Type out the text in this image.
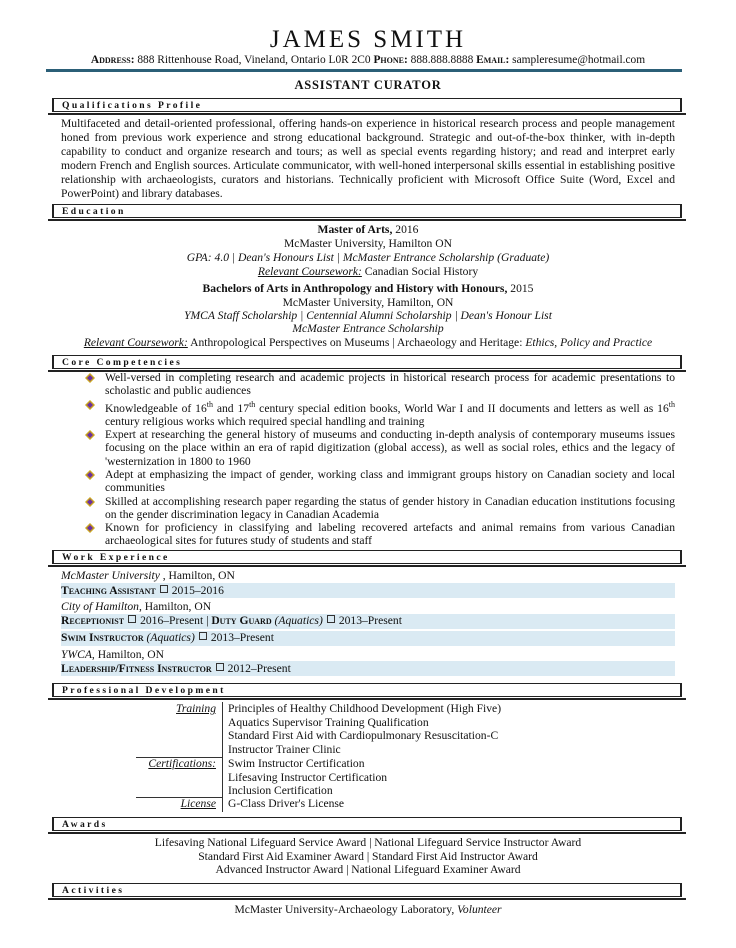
JAMES SMITH
Address: 888 Rittenhouse Road, Vineland, Ontario L0R 2C0 Phone: 888.888.8888 Email: sampleresume@hotmail.com
ASSISTANT CURATOR
Qualifications Profile
Multifaceted and detail-oriented professional, offering hands-on experience in historical research process and people management honed from previous work experience and strong educational background. Strategic and out-of-the-box thinker, with in-depth capability to conduct and organize research and tours; as well as special events regarding history; and read and interpret early modern French and English sources. Articulate communicator, with well-honed interpersonal skills essential in establishing positive relationship with archaeologists, curators and historians. Technically proficient with Microsoft Office Suite (Word, Excel and PowerPoint) and library databases.
Education
Master of Arts, 2016
McMaster University, Hamilton ON
GPA: 4.0 | Dean's Honours List | McMaster Entrance Scholarship (Graduate)
Relevant Coursework: Canadian Social History
Bachelors of Arts in Anthropology and History with Honours, 2015
McMaster University, Hamilton, ON
YMCA Staff Scholarship | Centennial Alumni Scholarship | Dean's Honour List
McMaster Entrance Scholarship
Relevant Coursework: Anthropological Perspectives on Museums | Archaeology and Heritage: Ethics, Policy and Practice
Core Competencies
Well-versed in completing research and academic projects in historical research process for academic presentations to scholastic and public audiences
Knowledgeable of 16th and 17th century special edition books, World War I and II documents and letters as well as 16th century religious works which required special handling and training
Expert at researching the general history of museums and conducting in-depth analysis of contemporary museums issues focusing on the place within an era of rapid digitization (global access), as well as social roles, ethics and the legacy of 'westernization in 1800 to 1960
Adept at emphasizing the impact of gender, working class and immigrant groups history on Canadian society and local communities
Skilled at accomplishing research paper regarding the status of gender history in Canadian education institutions focusing on the gender discrimination legacy in Canadian Academia
Known for proficiency in classifying and labeling recovered artefacts and animal remains from various Canadian archaeological sites for futures study of students and staff
Work Experience
McMaster University , Hamilton, ON
Teaching Assistant 2015–2016
City of Hamilton, Hamilton, ON
Receptionist 2016–Present | Duty Guard (Aquatics) 2013–Present
Swim Instructor (Aquatics) 2013–Present
YWCA, Hamilton, ON
Leadership/Fitness Instructor 2012–Present
Professional Development
Training Principles of Healthy Childhood Development (High Five)
Aquatics Supervisor Training Qualification
Standard First Aid with Cardiopulmonary Resuscitation-C
Instructor Trainer Clinic
Certifications: Swim Instructor Certification
Lifesaving Instructor Certification
Inclusion Certification
License G-Class Driver's License
Awards
Lifesaving National Lifeguard Service Award | National Lifeguard Service Instructor Award
Standard First Aid Examiner Award | Standard First Aid Instructor Award
Advanced Instructor Award | National Lifeguard Examiner Award
Activities
McMaster University-Archaeology Laboratory, Volunteer
